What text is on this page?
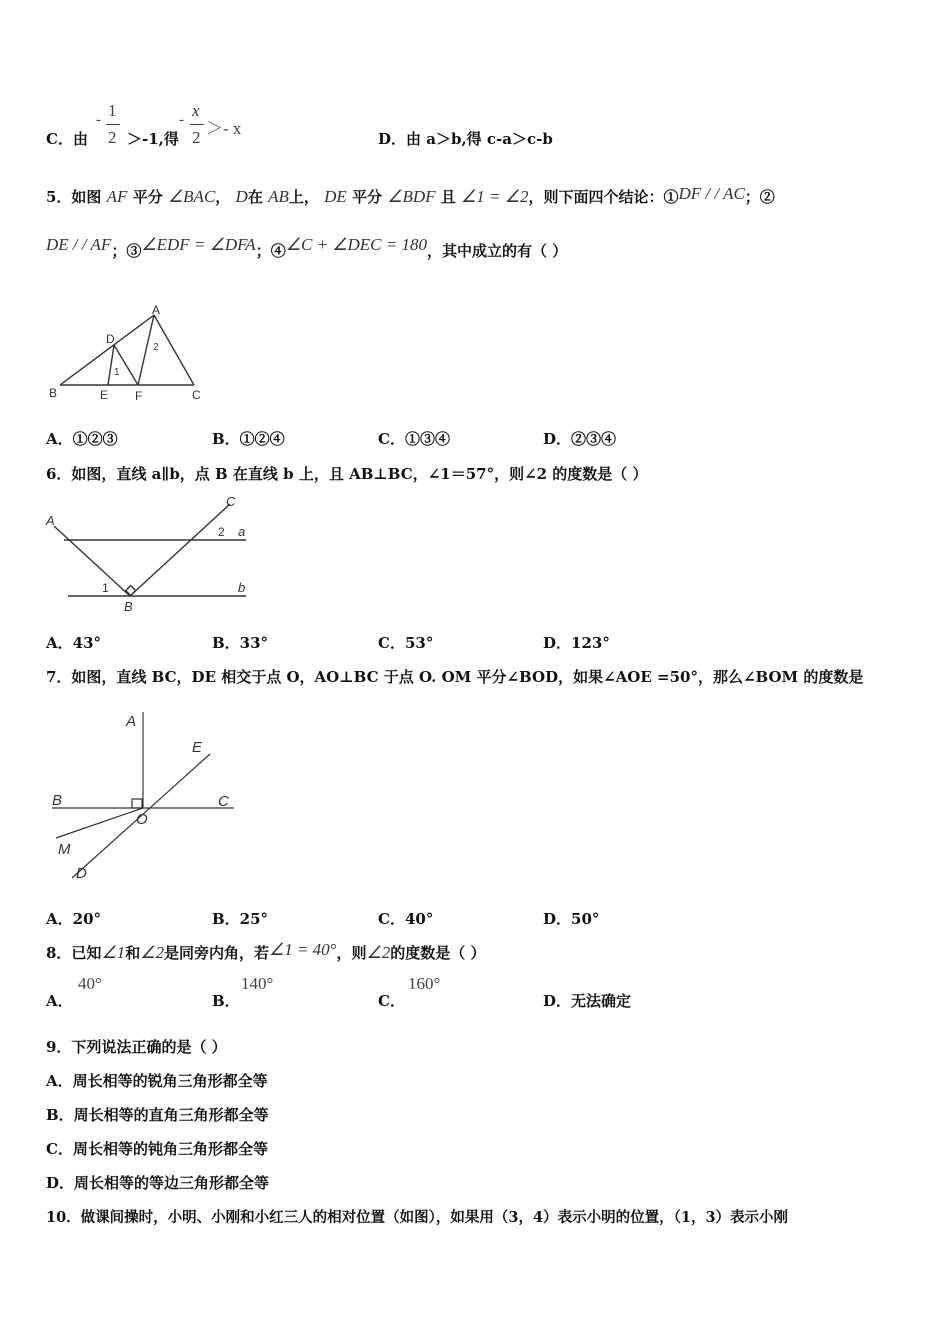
C．由
- 1
2 ＞-1,得
- x
2 ＞- x
D．由 a＞b,得 c-a＞c-b
5．如图 AF 平分 ∠BAC， D在 AB上， DE 平分 ∠BDF 且 ∠1 = ∠2，则下面四个结论：①DF / / AC；②
DE / / AF；③∠EDF = ∠DFA；④∠C + ∠DEC = 180，其中成立的有（ ）
A
B	C
D
E F
1
2
A．①②③	B．①②④	C．①③④	D．②③④
6．如图，直线 a∥b，点 B 在直线 b 上，且 AB⊥BC，∠1＝57°，则∠2 的度数是（ ）
A
B
C
a
b
1
2
A．43°	B．33°	C．53°	D．123°
7．如图，直线 BC，DE 相交于点 O，AO⊥BC 于点 O. OM 平分∠BOD，如果∠AOE =50°，那么∠BOM 的度数是
A
B	C
D
E
M
O
A．20°	B．25°	C．40°	D．50°
8．已知∠1和∠2是同旁内角，若∠1 = 40°，则∠2的度数是（ ）
A．
40°
B．
140°
C．
160°
D．无法确定
9．下列说法正确的是（ ）
A．周长相等的锐角三角形都全等
B．周长相等的直角三角形都全等
C．周长相等的钝角三角形都全等
D．周长相等的等边三角形都全等
10．做课间操时，小明、小刚和小红三人的相对位置（如图），如果用（3，4）表示小明的位置，（1，3）表示小刚
